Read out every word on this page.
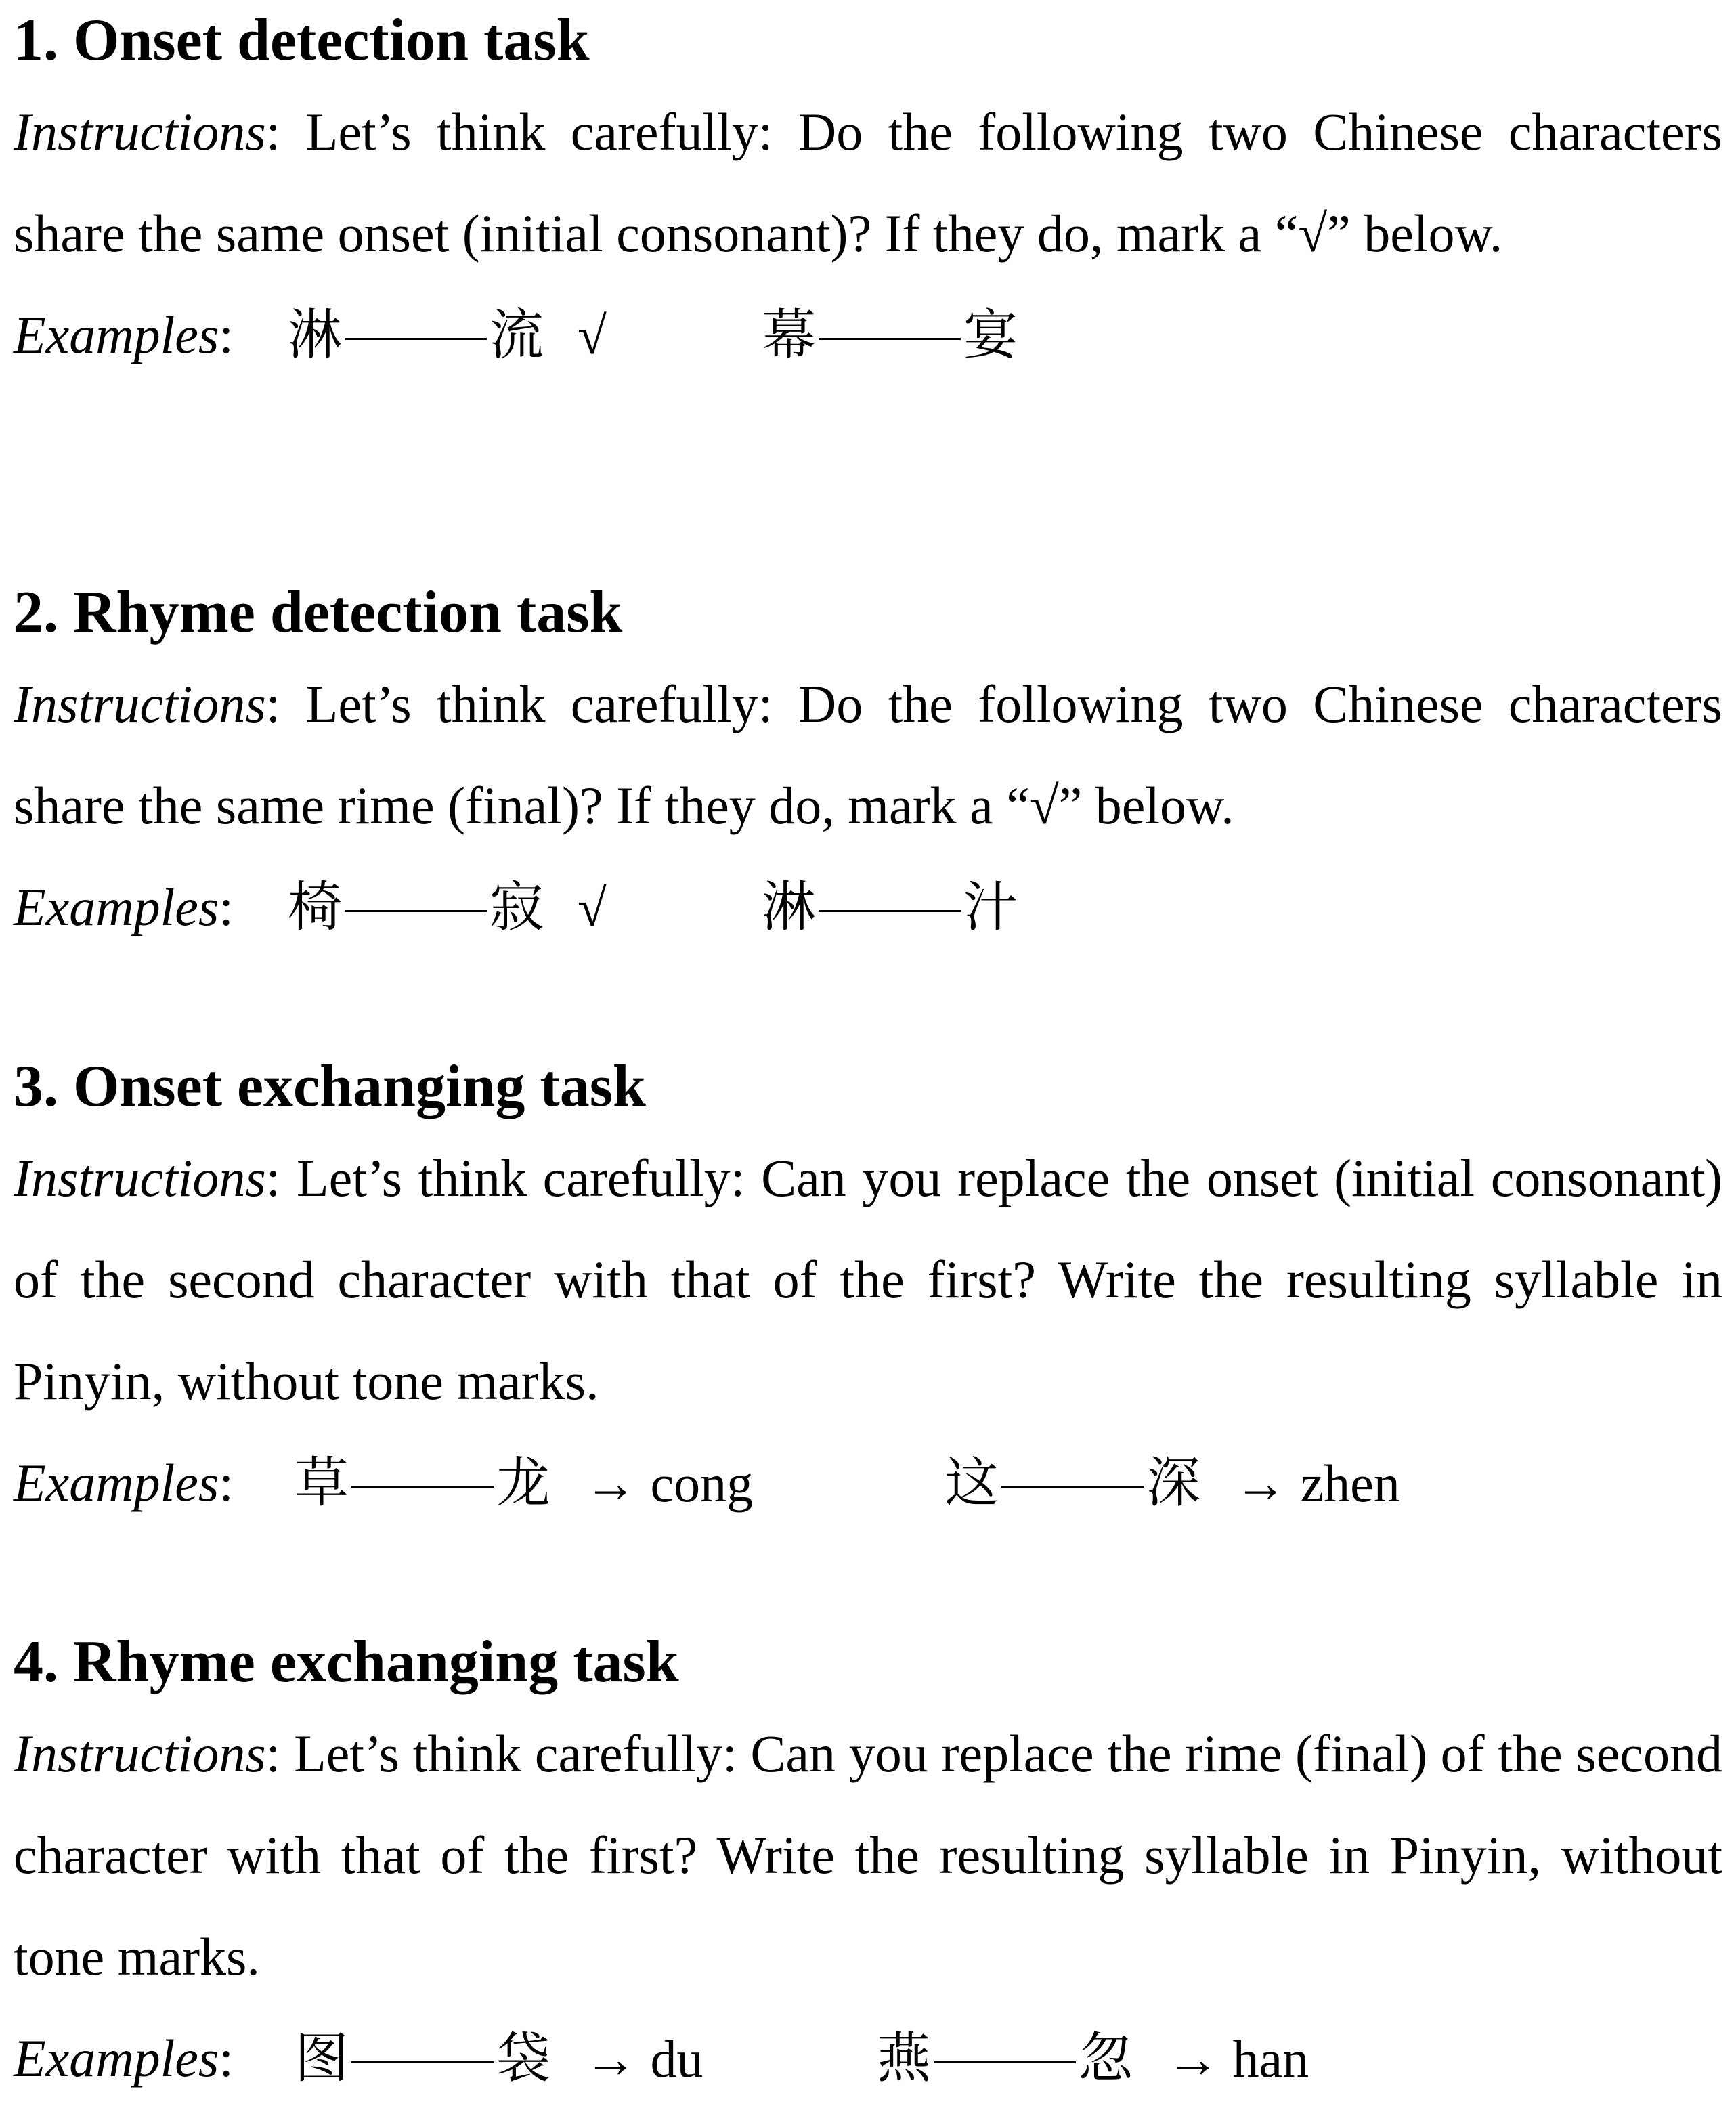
1. Onset detection task

Instructions: Let’s think carefully: Do the following two Chinese characters share the same onset (initial consonant)? If they do, mark a “√” below.

Examples: 淋	流 √	幕	宴
2. Rhyme detection task

Instructions: Let’s think carefully: Do the following two Chinese characters share the same rime (final)? If they do, mark a “√” below.

Examples: 椅	寂 √	淋	汁
3. Onset exchanging task

Instructions: Let’s think carefully: Can you replace the onset (initial consonant) of the second character with that of the first? Write the resulting syllable in Pinyin, without tone marks.

Examples: 草	龙 → cong	这	深 → zhen
4. Rhyme exchanging task

Instructions: Let’s think carefully: Can you replace the rime (final) of the second character with that of the first? Write the resulting syllable in Pinyin, without tone marks.

Examples: 图	袋 → du	燕	忽 → han
